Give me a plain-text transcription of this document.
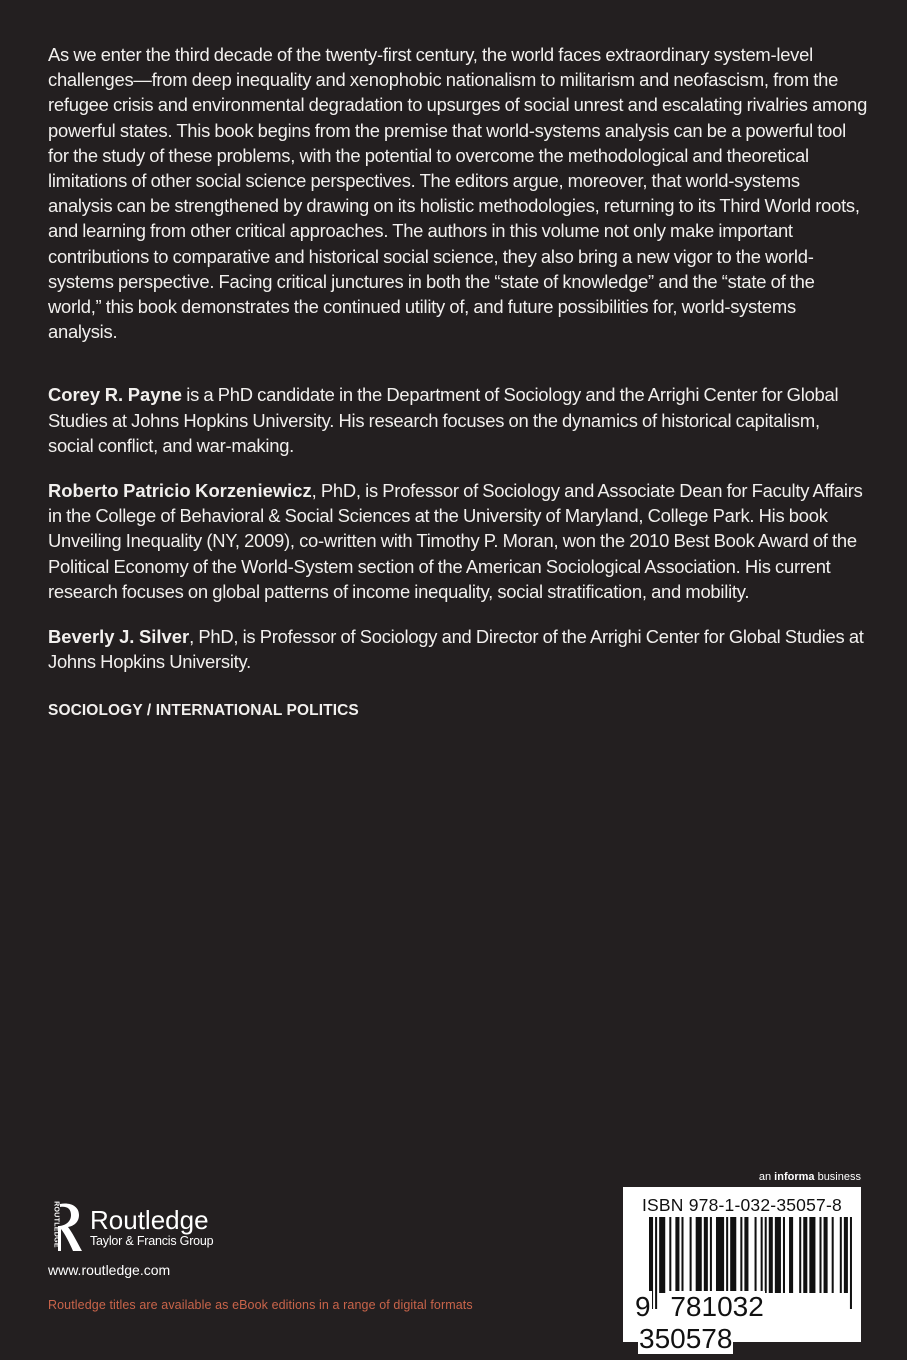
As we enter the third decade of the twenty-first century, the world faces extraordinary system-level challenges—from deep inequality and xenophobic nationalism to militarism and neofascism, from the refugee crisis and environmental degradation to upsurges of social unrest and escalating rivalries among powerful states. This book begins from the premise that world-systems analysis can be a powerful tool for the study of these problems, with the potential to overcome the methodological and theoretical limitations of other social science perspectives. The editors argue, moreover, that world-systems analysis can be strengthened by drawing on its holistic methodologies, returning to its Third World roots, and learning from other critical approaches. The authors in this volume not only make important contributions to comparative and historical social science, they also bring a new vigor to the world-systems perspective. Facing critical junctures in both the “state of knowledge” and the “state of the world,” this book demonstrates the continued utility of, and future possibilities for, world-systems analysis.

Corey R. Payne is a PhD candidate in the Department of Sociology and the Arrighi Center for Global Studies at Johns Hopkins University. His research focuses on the dynamics of historical capitalism, social conflict, and war-making.

Roberto Patricio Korzeniewicz, PhD, is Professor of Sociology and Associate Dean for Faculty Affairs in the College of Behavioral & Social Sciences at the University of Maryland, College Park. His book Unveiling Inequality (NY, 2009), co-written with Timothy P. Moran, won the 2010 Best Book Award of the Political Economy of the World-System section of the American Sociological Association. His current research focuses on global patterns of income inequality, social stratification, and mobility.

Beverly J. Silver, PhD, is Professor of Sociology and Director of the Arrighi Center for Global Studies at Johns Hopkins University.

SOCIOLOGY / INTERNATIONAL POLITICS
ROUTLEDGE Routledge
Taylor & Francis Group
www.routledge.com
Routledge titles are available as eBook editions in a range of digital formats
an informa business
ISBN 978-1-032-35057-8
9 781032 350578
